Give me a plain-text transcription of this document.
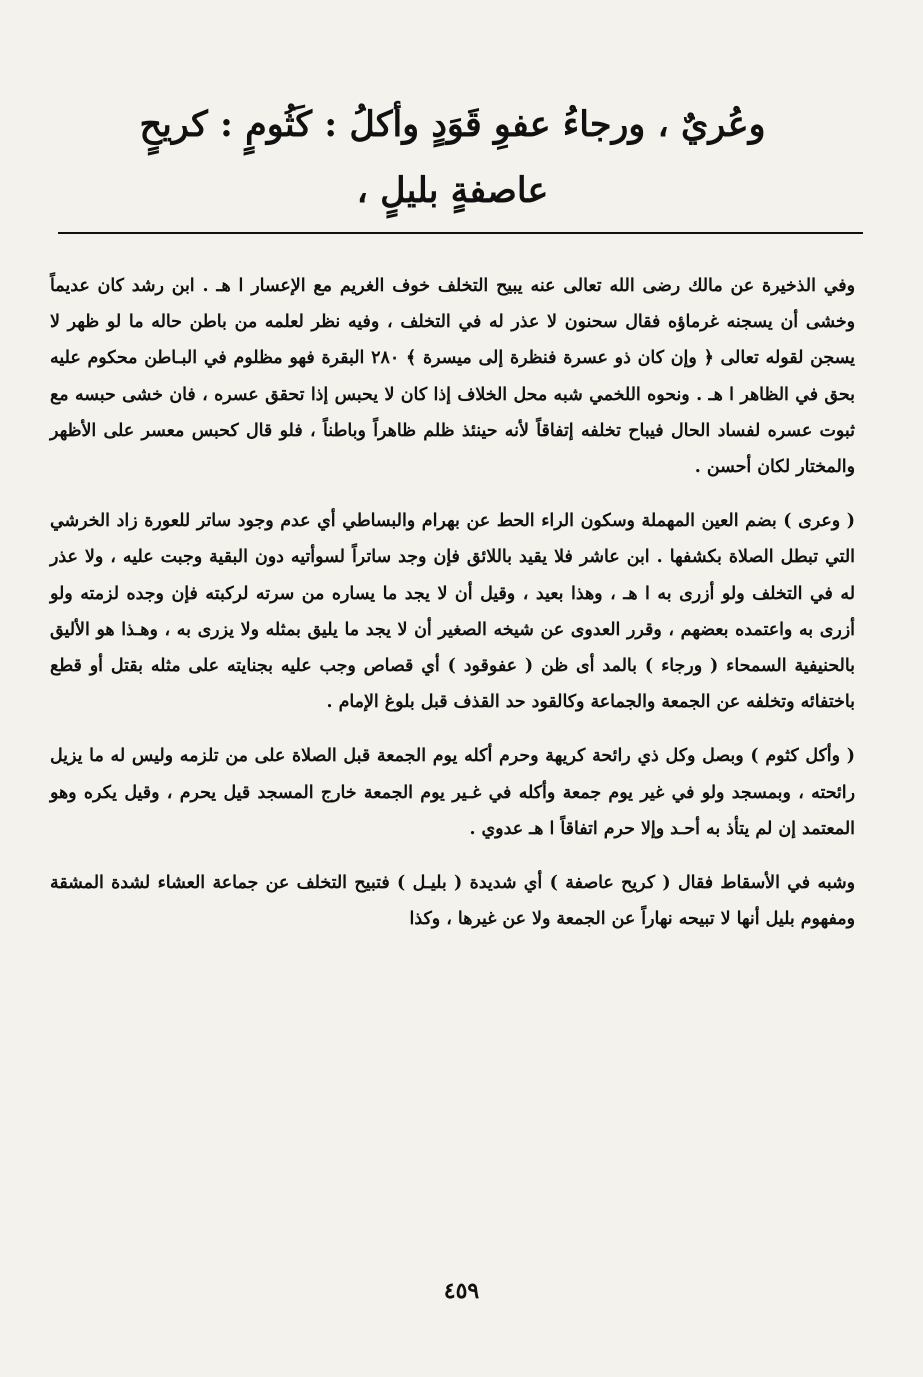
وعُريٌ ، ورجاءُ عفوِ قَوَدٍ وأكلُ : كَثُومٍ : كريحٍ
عاصفةٍ بليلٍ ،

وفي الذخيرة عن مالك رضى الله تعالى عنه يبيح التخلف خوف الغريم مع الإعسار ا هـ . ابن رشد كان عديماً وخشى أن يسجنه غرماؤه فقال سحنون لا عذر له في التخلف ، وفيه نظر لعلمه من باطن حاله ما لو ظهر لا يسجن لقوله تعالى ﴿ وإن كان ذو عسرة فنظرة إلى ميسرة ﴾ ٢٨٠ البقرة فهو مظلوم في البـاطن محكوم عليه بحق في الظاهر ا هـ . ونحوه اللخمي شبه محل الخلاف إذا كان لا يحبس إذا تحقق عسره ، فان خشى حبسه مع ثبوت عسره لفساد الحال فيباح تخلفه إتفاقاً لأنه حينئذ ظلم ظاهراً وباطناً ، فلو قال كحبس معسر على الأظهر والمختار لكان أحسن .

( وعرى ) بضم العين المهملة وسكون الراء الحط عن بهرام والبساطي أي عدم وجود ساتر للعورة زاد الخرشي التي تبطل الصلاة بكشفها . ابن عاشر فلا يقيد باللائق فإن وجد ساتراً لسوأتيه دون البقية وجبت عليه ، ولا عذر له في التخلف ولو أزرى به ا هـ ، وهذا بعيد ، وقيل أن لا يجد ما يساره من سرته لركبته فإن وجده لزمته ولو أزرى به واعتمده بعضهم ، وقرر العدوى عن شيخه الصغير أن لا يجد ما يليق بمثله ولا يزرى به ، وهـذا هو الأليق بالحنيفية السمحاء ( ورجاء ) بالمد أى ظن ( عفوقود ) أي قصاص وجب عليه بجنايته على مثله بقتل أو قطع باختفائه وتخلفه عن الجمعة والجماعة وكالقود حد القذف قبل بلوغ الإمام .

( وأكل كثوم ) وبصل وكل ذي رائحة كريهة وحرم أكله يوم الجمعة قبل الصلاة على من تلزمه وليس له ما يزيل رائحته ، وبمسجد ولو في غير يوم جمعة وأكله في غـير يوم الجمعة خارج المسجد قيل يحرم ، وقيل يكره وهو المعتمد إن لم يتأذ به أحـد وإلا حرم اتفاقاً ا هـ عدوي .

وشبه في الأسقاط فقال ( كريح عاصفة ) أي شديدة ( بليـل ) فتبيح التخلف عن جماعة العشاء لشدة المشقة ومفهوم بليل أنها لا تبيحه نهاراً عن الجمعة ولا عن غيرها ، وكذا

٤٥٩
